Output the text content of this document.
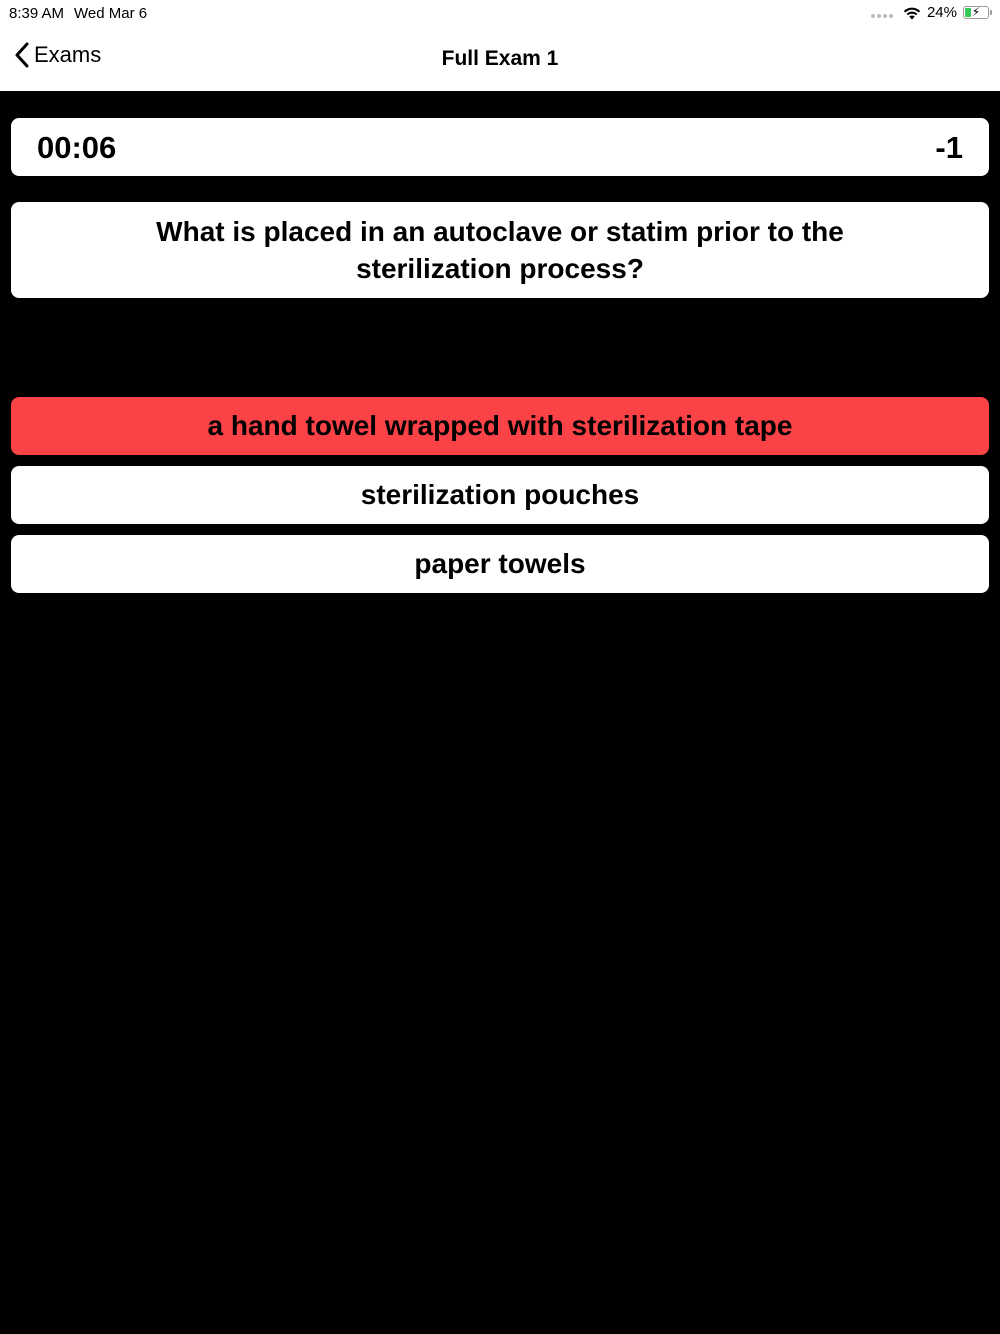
8:39 AM Wed Mar 6	24%	⚡
Exams	Full Exam 1
00:06	-1
What is placed in an autoclave or statim prior to the sterilization process?
a hand towel wrapped with sterilization tape
sterilization pouches
paper towels
